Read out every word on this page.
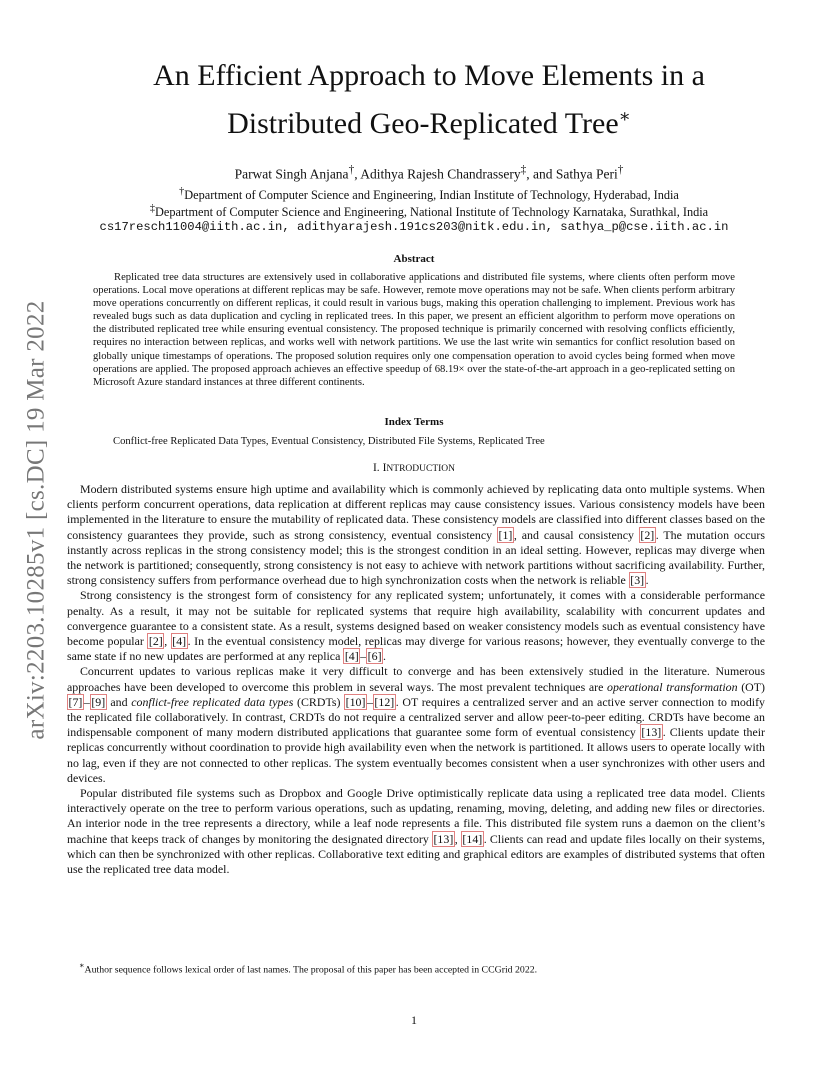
arXiv:2203.10285v1 [cs.DC] 19 Mar 2022
An Efficient Approach to Move Elements in a
Distributed Geo-Replicated Tree∗
Parwat Singh Anjana†, Adithya Rajesh Chandrassery‡, and Sathya Peri†
†Department of Computer Science and Engineering, Indian Institute of Technology, Hyderabad, India
‡Department of Computer Science and Engineering, National Institute of Technology Karnataka, Surathkal, India
cs17resch11004@iith.ac.in, adithyarajesh.191cs203@nitk.edu.in, sathya_p@cse.iith.ac.in
Abstract
Replicated tree data structures are extensively used in collaborative applications and distributed file systems, where clients often perform move operations. Local move operations at different replicas may be safe. However, remote move operations may not be safe. When clients perform arbitrary move operations concurrently on different replicas, it could result in various bugs, making this operation challenging to implement. Previous work has revealed bugs such as data duplication and cycling in replicated trees. In this paper, we present an efficient algorithm to perform move operations on the distributed replicated tree while ensuring eventual consistency. The proposed technique is primarily concerned with resolving conflicts efficiently, requires no interaction between replicas, and works well with network partitions. We use the last write win semantics for conflict resolution based on globally unique timestamps of operations. The proposed solution requires only one compensation operation to avoid cycles being formed when move operations are applied. The proposed approach achieves an effective speedup of 68.19× over the state-of-the-art approach in a geo-replicated setting on Microsoft Azure standard instances at three different continents.
Index Terms
Conflict-free Replicated Data Types, Eventual Consistency, Distributed File Systems, Replicated Tree
I. INTRODUCTION

Modern distributed systems ensure high uptime and availability which is commonly achieved by replicating data onto multiple systems. When clients perform concurrent operations, data replication at different replicas may cause consistency issues. Various consistency models have been implemented in the literature to ensure the mutability of replicated data. These consistency models are classified into different classes based on the consistency guarantees they provide, such as strong consistency, eventual consistency [1] , and causal consistency [2] . The mutation occurs instantly across replicas in the strong consistency model; this is the strongest condition in an ideal setting. However, replicas may diverge when the network is partitioned; consequently, strong consistency is not easy to achieve with network partitions without sacrificing availability. Further, strong consistency suffers from performance overhead due to high synchronization costs when the network is reliable [3] .

Strong consistency is the strongest form of consistency for any replicated system; unfortunately, it comes with a considerable performance penalty. As a result, it may not be suitable for replicated systems that require high availability, scalability with concurrent updates and convergence guarantee to a consistent state. As a result, systems designed based on weaker consistency models such as eventual consistency have become popular [2] , [4] . In the eventual consistency model, replicas may diverge for various reasons; however, they eventually converge to the same state if no new updates are performed at any replica [4] – [6] .

Concurrent updates to various replicas make it very difficult to converge and has been extensively studied in the literature. Numerous approaches have been developed to overcome this problem in several ways. The most prevalent techniques are operational transformation (OT) [7] – [9] and conflict-free replicated data types (CRDTs) [10] – [12] . OT requires a centralized server and an active server connection to modify the replicated file collaboratively. In contrast, CRDTs do not require a centralized server and allow peer-to-peer editing. CRDTs have become an indispensable component of many modern distributed applications that guarantee some form of eventual consistency [13] . Clients update their replicas concurrently without coordination to provide high availability even when the network is partitioned. It allows users to operate locally with no lag, even if they are not connected to other replicas. The system eventually becomes consistent when a user synchronizes with other users and devices.

Popular distributed file systems such as Dropbox and Google Drive optimistically replicate data using a replicated tree data model. Clients interactively operate on the tree to perform various operations, such as updating, renaming, moving, deleting, and adding new files or directories. An interior node in the tree represents a directory, while a leaf node represents a file. This distributed file system runs a daemon on the client’s machine that keeps track of changes by monitoring the designated directory [13] , [14] . Clients can read and update files locally on their systems, which can then be synchronized with other replicas. Collaborative text editing and graphical editors are examples of distributed systems that often use the replicated tree data model.

∗Author sequence follows lexical order of last names. The proposal of this paper has been accepted in CCGrid 2022.
1
